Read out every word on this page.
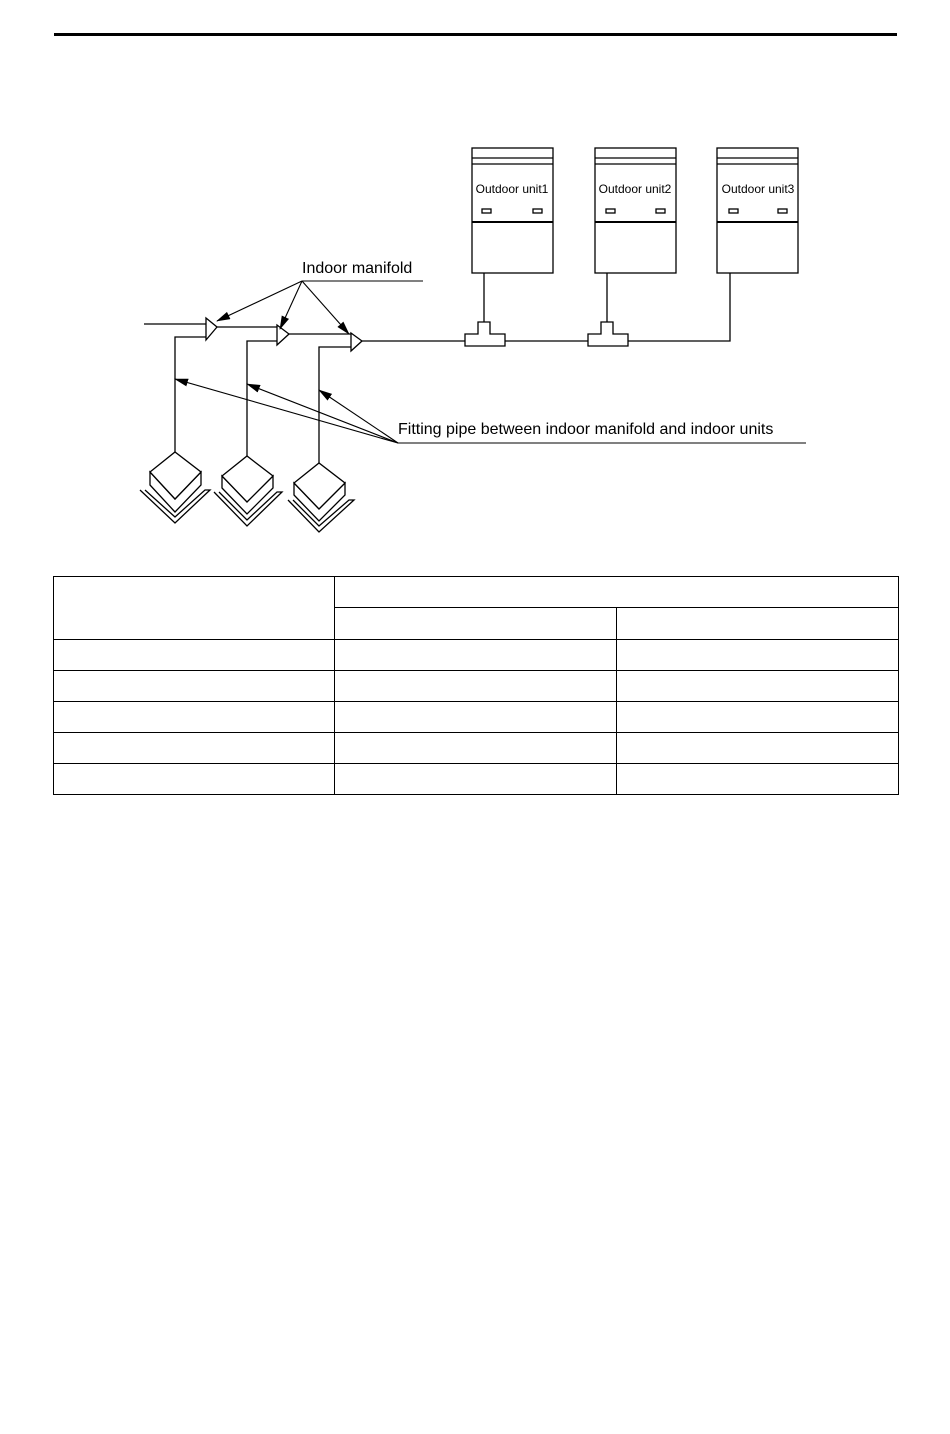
Outdoor unit1	Outdoor unit2	Outdoor unit3
Indoor manifold
Fitting pipe between indoor manifold and indoor units
